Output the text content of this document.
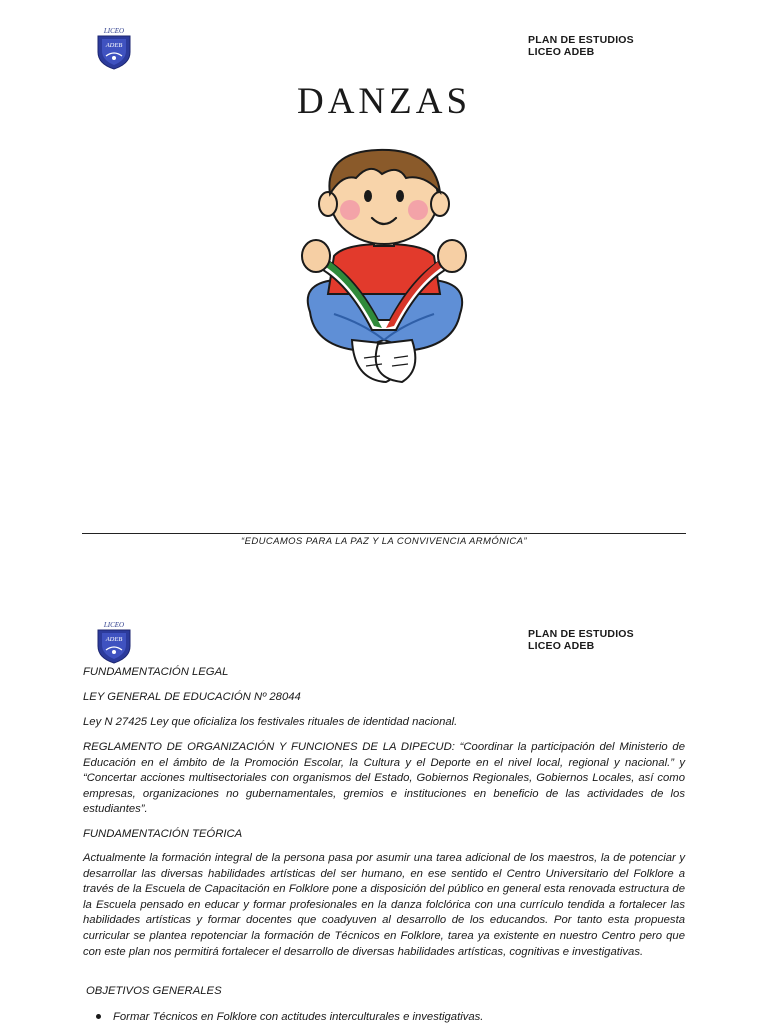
LICEO
ADEB	PLAN DE ESTUDIOS
LICEO ADEB
DANZAS
“EDUCAMOS PARA LA PAZ Y LA CONVIVENCIA ARMÓNICA”
LICEO
ADEB	PLAN DE ESTUDIOS
LICEO ADEB
FUNDAMENTACIÓN LEGAL
LEY GENERAL DE EDUCACIÓN Nº 28044
Ley N 27425 Ley que oficializa los festivales rituales de identidad nacional.
REGLAMENTO DE ORGANIZACIÓN Y FUNCIONES DE LA DIPECUD: “Coordinar la participación del Ministerio de Educación en el ámbito de la Promoción Escolar, la Cultura y el Deporte en el nivel local, regional y nacional.” y “Concertar acciones multisectoriales con organismos del Estado, Gobiernos Regionales, Gobiernos Locales, así como empresas, organizaciones no gubernamentales, gremios e instituciones en beneficio de las actividades de los estudiantes”.
FUNDAMENTACIÓN TEÓRICA
Actualmente la formación integral de la persona pasa por asumir una tarea adicional de los maestros, la de potenciar y desarrollar las diversas habilidades artísticas del ser humano, en ese sentido el Centro Universitario del Folklore a través de la Escuela de Capacitación en Folklore pone a disposición del público en general esta renovada estructura de la Escuela pensado en educar y formar profesionales en la danza folclórica con una currículo tendida a fortalecer las habilidades artísticas y formar docentes que coadyuven al desarrollo de los educandos. Por tanto esta propuesta curricular se plantea repotenciar la formación de Técnicos en Folklore, tarea ya existente en nuestro Centro pero que con este plan nos permitirá fortalecer el desarrollo de diversas habilidades artísticas, cognitivas e investigativas.
OBJETIVOS GENERALES
Formar Técnicos en Folklore con actitudes interculturales e investigativas.
